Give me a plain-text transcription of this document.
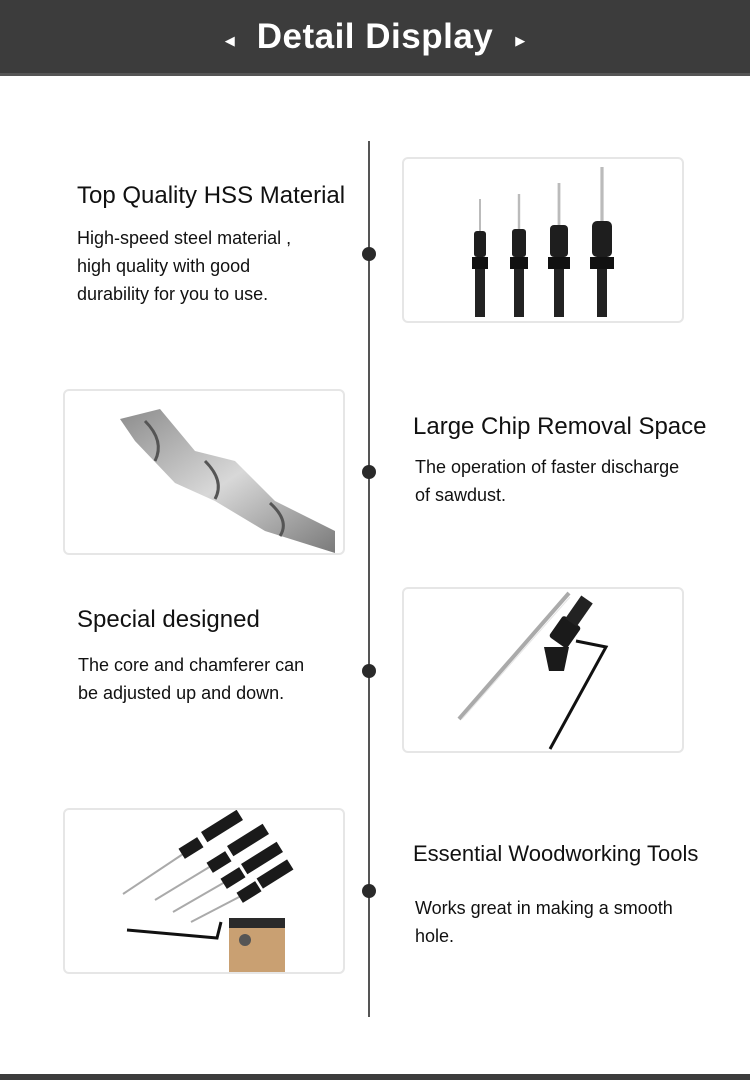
◀ Detail Display ▶
Top Quality HSS Material
High-speed steel material ,
high quality with good
durability for you to use.
Large Chip Removal Space
The operation of faster discharge
of sawdust.
Special designed
The core and chamferer can
be adjusted up and down.
Essential Woodworking Tools
Works great in making a smooth
hole.
